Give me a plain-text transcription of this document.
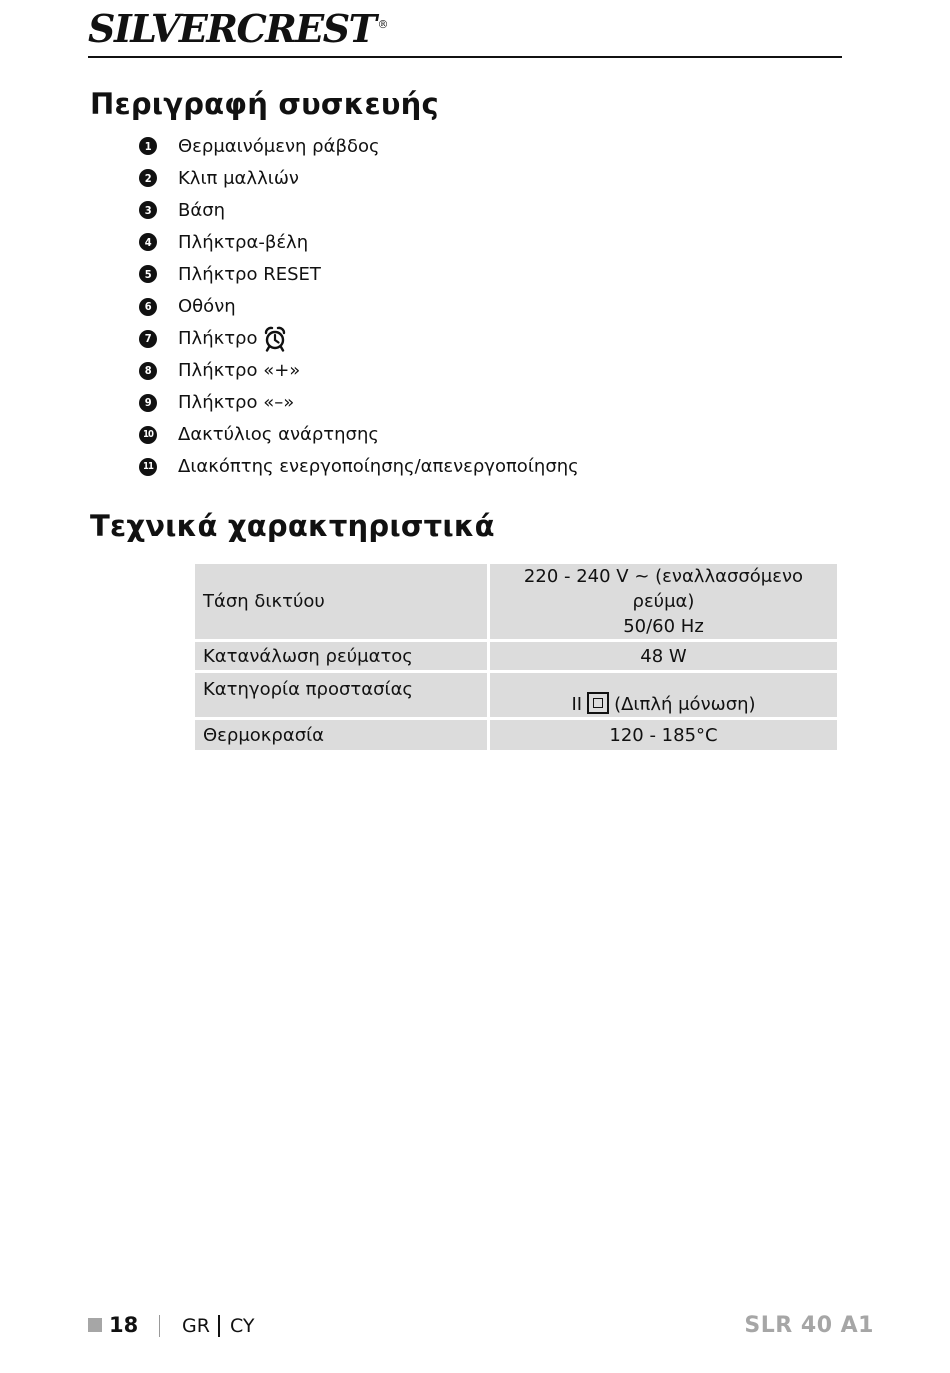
SILVERCREST ®
Περιγραφή συσκευής
1	Θερμαινόμενη ράβδος
2	Κλιπ μαλλιών
3	Βάση
4	Πλήκτρα-βέλη
5	Πλήκτρο RESET
6	Οθόνη
7	Πλήκτρο
8	Πλήκτρο «+»
9	Πλήκτρο «–»
10 Δακτύλιος ανάρτησης
11 Διακόπτης ενεργοποίησης/απενεργοποίησης
Τεχνικά χαρακτηριστικά
Τάση δικτύου	220 - 240 V ~ (εναλλασσόμενο ρεύμα)
50/60 Hz
Κατανάλωση ρεύματος	48 W
Κατηγορία προστασίας	II (Διπλή μόνωση)
Θερμοκρασία	120 - 185°C
18 GR CY	SLR 40 A1
